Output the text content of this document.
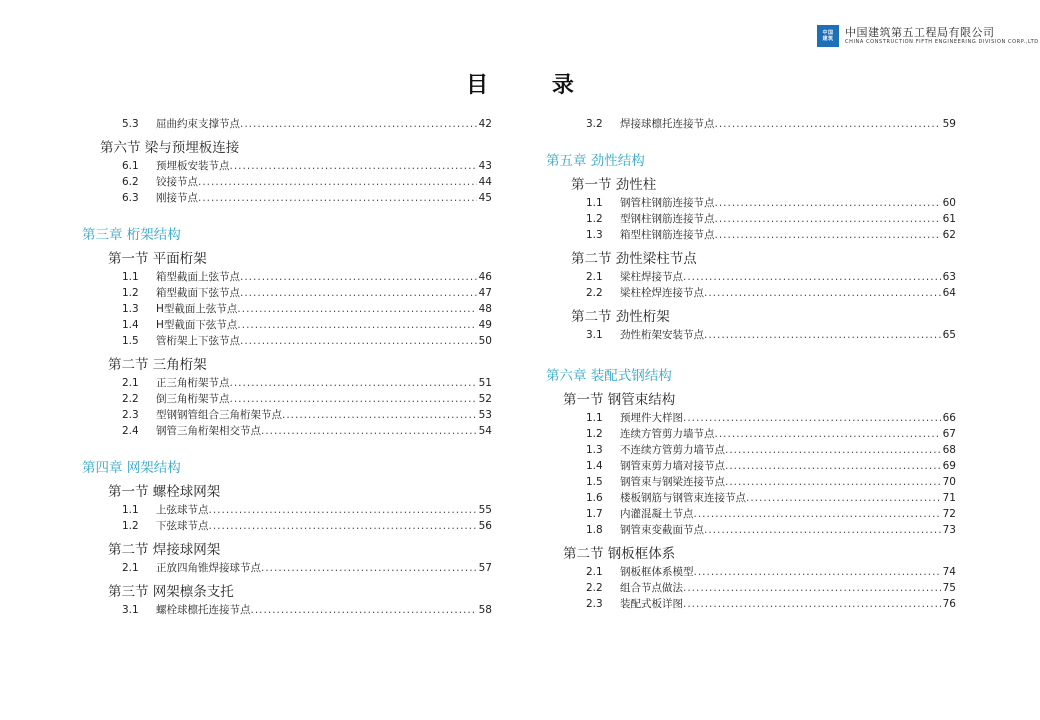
中国
建筑 中国建筑第五工程局有限公司
CHINA CONSTRUCTION FIFTH ENGINEERING DIVISION CORP.,LTD
目 录
5.3	屈曲约束支撑节点 .....	42
第六节 梁与预埋板连接
6.1	预埋板安装节点 .....	43
6.2	铰接节点 .....	44
6.3	刚接节点 .....	45
第三章 桁架结构
第一节 平面桁架
1.1	箱型截面上弦节点 .....	46
1.2	箱型截面下弦节点 .....	47
1.3	H型截面上弦节点 .....	48
1.4	H型截面下弦节点 .....	49
1.5	管桁架上下弦节点 .....	50
第二节 三角桁架
2.1	正三角桁架节点 .....	51
2.2	倒三角桁架节点 .....	52
2.3	型钢钢管组合三角桁架节点 .....	53
2.4	钢管三角桁架相交节点 .....	54
第四章 网架结构
第一节 螺栓球网架
1.1	上弦球节点 .....	55
1.2	下弦球节点 .....	56
第二节 焊接球网架
2.1	正放四角锥焊接球节点 .....	57
第三节 网架檩条支托
3.1	螺栓球檩托连接节点 .....	58
3.2	焊接球檩托连接节点 .....	59
第五章 劲性结构
第一节 劲性柱
1.1	钢管柱钢筋连接节点 .....	60
1.2	型钢柱钢筋连接节点 .....	61
1.3	箱型柱钢筋连接节点 .....	62
第二节 劲性梁柱节点
2.1	梁柱焊接节点 .....	63
2.2	梁柱栓焊连接节点 .....	64
第二节 劲性桁架
3.1	劲性桁架安装节点 .....	65
第六章 装配式钢结构
第一节 钢管束结构
1.1	预埋件大样图 .....	66
1.2	连续方管剪力墙节点 .....	67
1.3	不连续方管剪力墙节点 .....	68
1.4	钢管束剪力墙对接节点 .....	69
1.5	钢管束与钢梁连接节点 .....	70
1.6	楼板钢筋与钢管束连接节点 .....	71
1.7	内灌混凝土节点 .....	72
1.8	钢管束变截面节点 .....	73
第二节 钢板框体系
2.1	钢板框体系模型 .....	74
2.2	组合节点做法 .....	75
2.3	装配式板详图 .....	76
